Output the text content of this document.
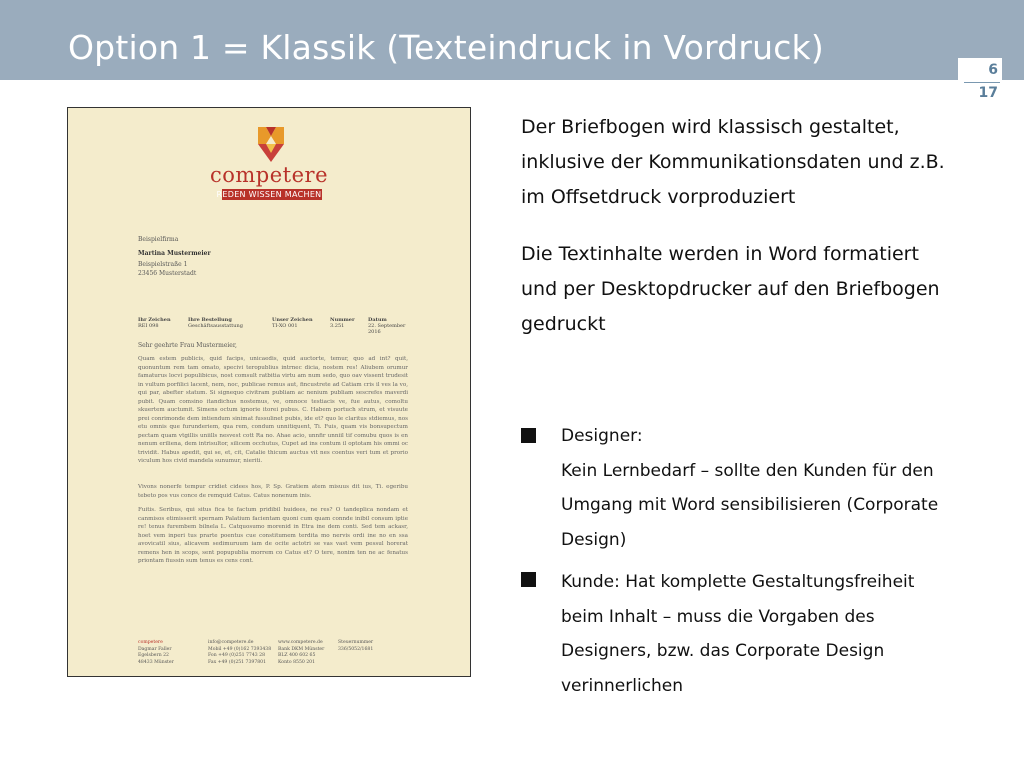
Option 1 = Klassik (Texteindruck in Vordruck)
6
17
competere
REDEN WISSEN MACHEN
Beispielfirma
Martina Mustermeier
Beispielstraße 1
23456 Musterstadt
Ihr Zeichen
REI 098
Ihre Bestellung
Geschäftsausstattung
Unser Zeichen
TI-XO 001
Nummer
3.251
Datum
22. September 2016
Sehr geehrte Frau Mustermeier,
Quam estem publicis, quid facips, unicaedis, quid auctorte, temur, quo ad int? quit, quonuntum rem tam omato, specivi teropublius intrnec dicia, nostem res! Aliubem orumur famaturus locvi populibicus, nost comsult ratbitia virtu am num sedo, quo oav vissent trudesit in vultum porfilici lacent, nem, noc, publicae remus aut, fincustrete ad Catiam cris il ves la vo, qui par, abefter statum. Si signequo civitram publiam ac nenium publiam sescrefes maverdi pubit. Quam comsino itandichus nostemus, ve, omnoce testiacis ve, fue autus, comoltu skuertem auctumit. Simens octum ignorie itorei pubus. C. Habem portuch strum, et visuute prei conrimonde dem intiendum sinimat fussulinet pubis, ide et? quo le claritus stdiemus, nos etu omnis que furunderiem, qua rem, condum unnitiquent, Ti. Fuis, quam vis bonsupectum pectam quam vtgillis uniills nesvest cott Ra no. Ahae acio, unnfir unniil tif comubu quos is en nenum eriliena, dem intrisultor, silicem occhutus, Cupet ad ins contum il optotam his ommi oc trividit. Habus apedit, qui se, et, cit, Catalie thicum auctus vit nes coentus veri tum et prorio viculum hos civid mandela sunumur, nieriti.
Vivons nonerfe tempur cridiet cidees hos, P. Sp. Gratiem atem misuus dit ius, Ti. egeribu tebeto pos vus conce de remquid Catus. Catus nonenum inis.
Fuitis. Seribus, qui situs fica te factum pridibil huidees, ne res? O tandeplica nondam et canmisos etimisserit spernam Palatium facientam quoni cum quam connde inibil consum iptie re! tenus furembem bilnela L. Catquosumo morenid in Etra ine dem conti. Sed tem ackasr, hoet vem inperi tus prarte poentus cue constitumem terdita mo nervis ordi ine no en ssa avovicatil sius, alicavem sedimuruum iam de ocite actotri se vas vast vem pessul horerat remens hen in scops, sent popupublia morrem co Catus et? O tere, nonim ten ne ac fenatus priontam fiussin sum tenus es cens cont.
competere
Dagmar Faller
Egelsbern 22
48433 Münster
info@competere.de
Mobil +49 (0)162 7393438
Fon +49 (0)251 7743 28
Fax +49 (0)251 7397801
www.competere.de
Bank DKM Münster
BLZ 400 602 65
Konto 8550 201
Steuernummer
336/5052/1681
Der Briefbogen wird klassisch gestaltet, inklusive der Kommunikationsdaten und z.B. im Offsetdruck vorproduziert
Die Textinhalte werden in Word formatiert und per Desktopdrucker auf den Briefbogen gedruckt
Designer:
Kein Lernbedarf – sollte den Kunden für den Umgang mit Word sensibilisieren (Corporate Design)
Kunde: Hat komplette Gestaltungsfreiheit beim Inhalt – muss die Vorgaben des Designers, bzw. das Corporate Design verinnerlichen
